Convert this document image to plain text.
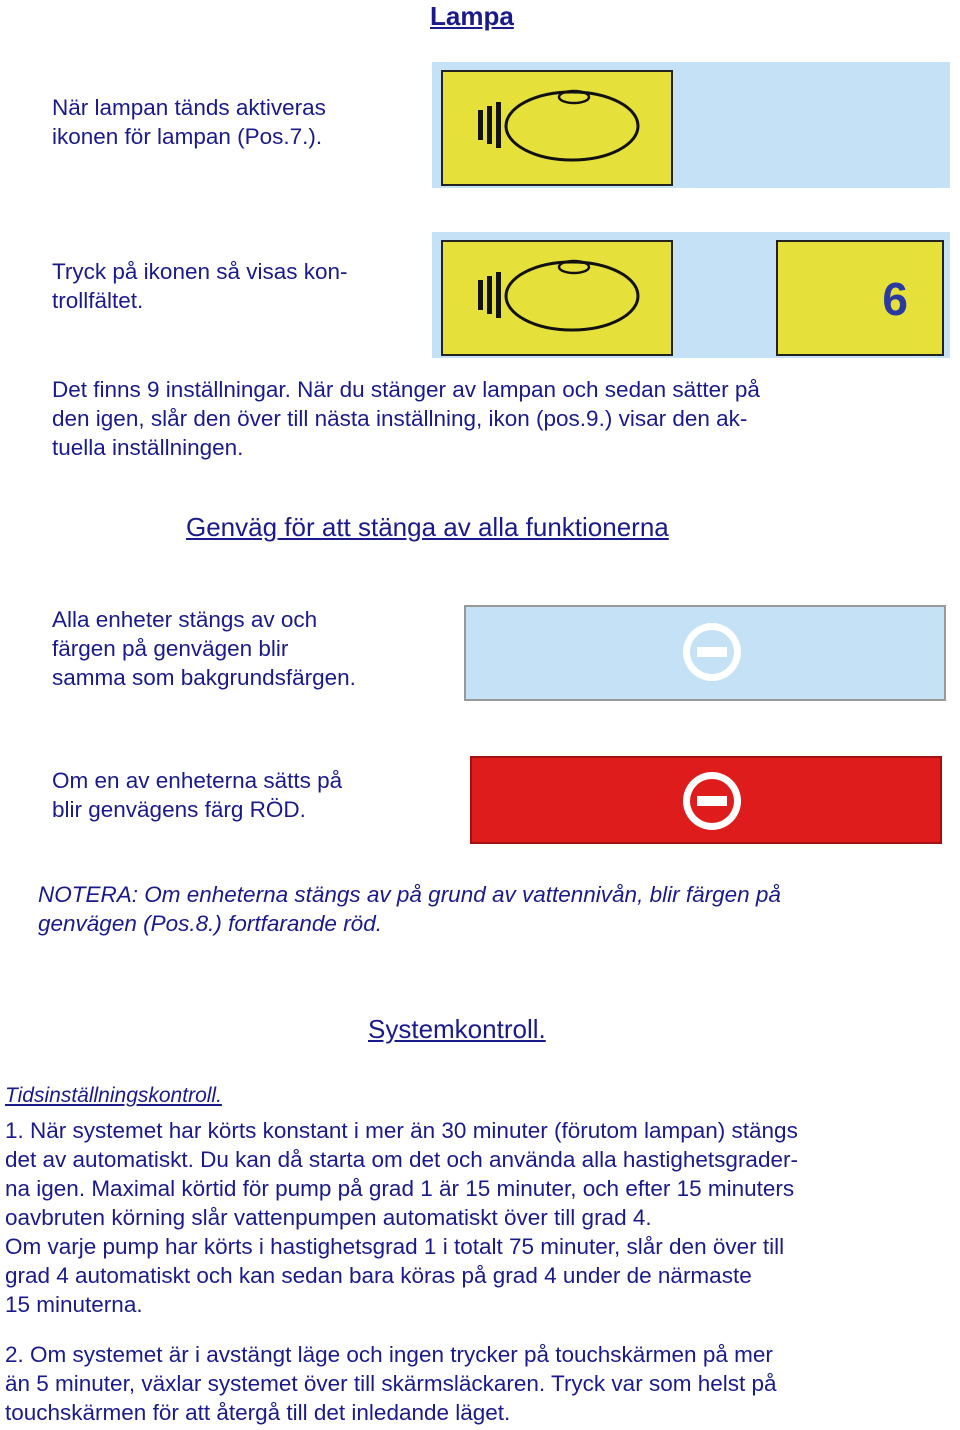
Lampa
När lampan tänds aktiveras
ikonen för lampan (Pos.7.).
Tryck på ikonen så visas kon-
trollfältet.	6
Det finns 9 inställningar. När du stänger av lampan och sedan sätter på
den igen, slår den över till nästa inställning, ikon (pos.9.) visar den ak-
tuella inställningen.
Genväg för att stänga av alla funktionerna
Alla enheter stängs av och
färgen på genvägen blir
samma som bakgrundsfärgen.
Om en av enheterna sätts på
blir genvägens färg RÖD.
NOTERA: Om enheterna stängs av på grund av vattennivån, blir färgen på
genvägen (Pos.8.) fortfarande röd.
Systemkontroll.
Tidsinställningskontroll.
1. När systemet har körts konstant i mer än 30 minuter (förutom lampan) stängs
det av automatiskt. Du kan då starta om det och använda alla hastighetsgrader-
na igen. Maximal körtid för pump på grad 1 är 15 minuter, och efter 15 minuters
oavbruten körning slår vattenpumpen automatiskt över till grad 4.
Om varje pump har körts i hastighetsgrad 1 i totalt 75 minuter, slår den över till
grad 4 automatiskt och kan sedan bara köras på grad 4 under de närmaste
15 minuterna.
2. Om systemet är i avstängt läge och ingen trycker på touchskärmen på mer
än 5 minuter, växlar systemet över till skärmsläckaren. Tryck var som helst på
touchskärmen för att återgå till det inledande läget.
